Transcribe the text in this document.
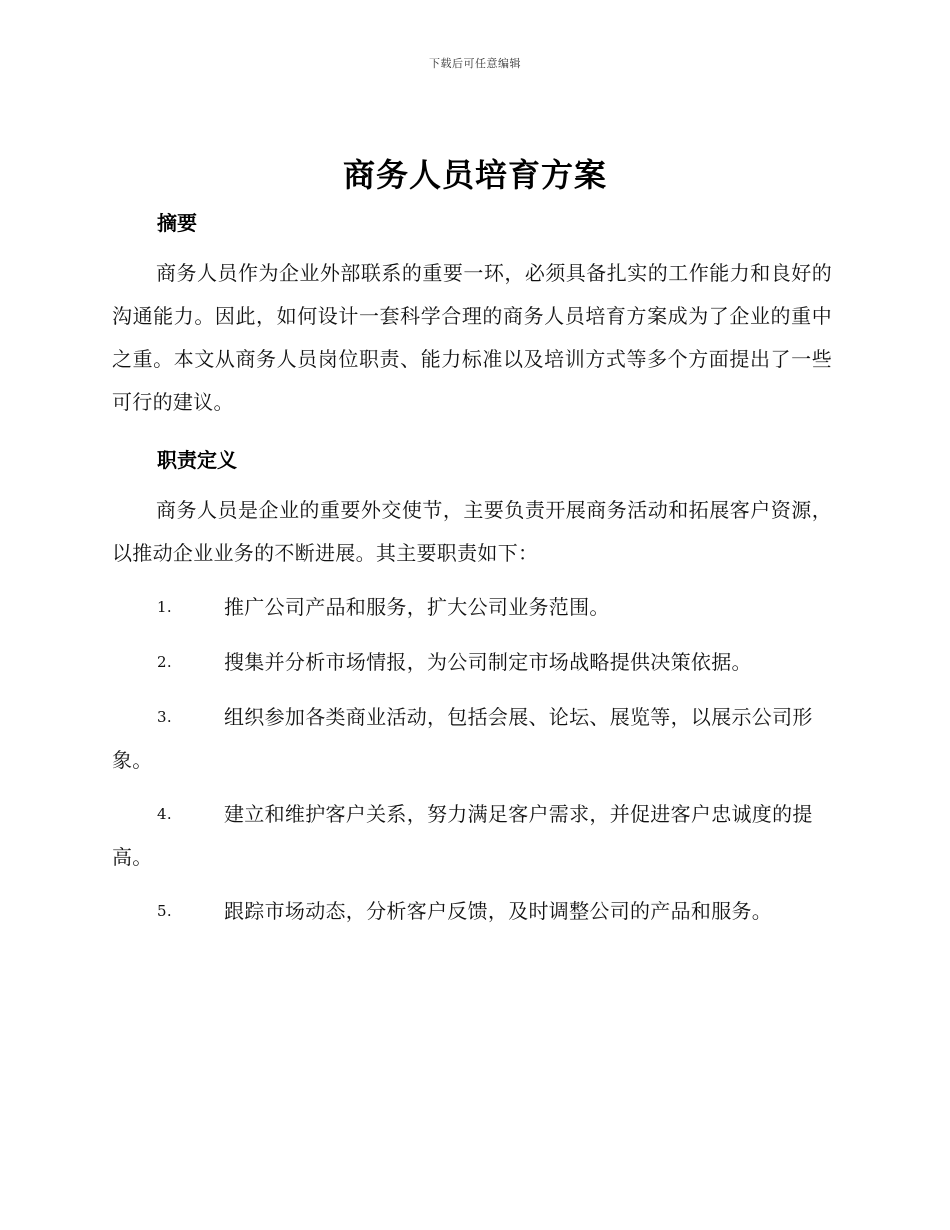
下载后可任意编辑
商务人员培育方案
摘要
商务人员作为企业外部联系的重要一环，必须具备扎实的工作能力和良好的沟通能力。因此，如何设计一套科学合理的商务人员培育方案成为了企业的重中之重。本文从商务人员岗位职责、能力标准以及培训方式等多个方面提出了一些可行的建议。
职责定义
商务人员是企业的重要外交使节，主要负责开展商务活动和拓展客户资源，以推动企业业务的不断进展。其主要职责如下：
1.	推广公司产品和服务，扩大公司业务范围。
2.	搜集并分析市场情报，为公司制定市场战略提供决策依据。
3.	组织参加各类商业活动，包括会展、论坛、展览等，以展示公司形象。
4.	建立和维护客户关系，努力满足客户需求，并促进客户忠诚度的提高。
5.	跟踪市场动态，分析客户反馈，及时调整公司的产品和服务。
